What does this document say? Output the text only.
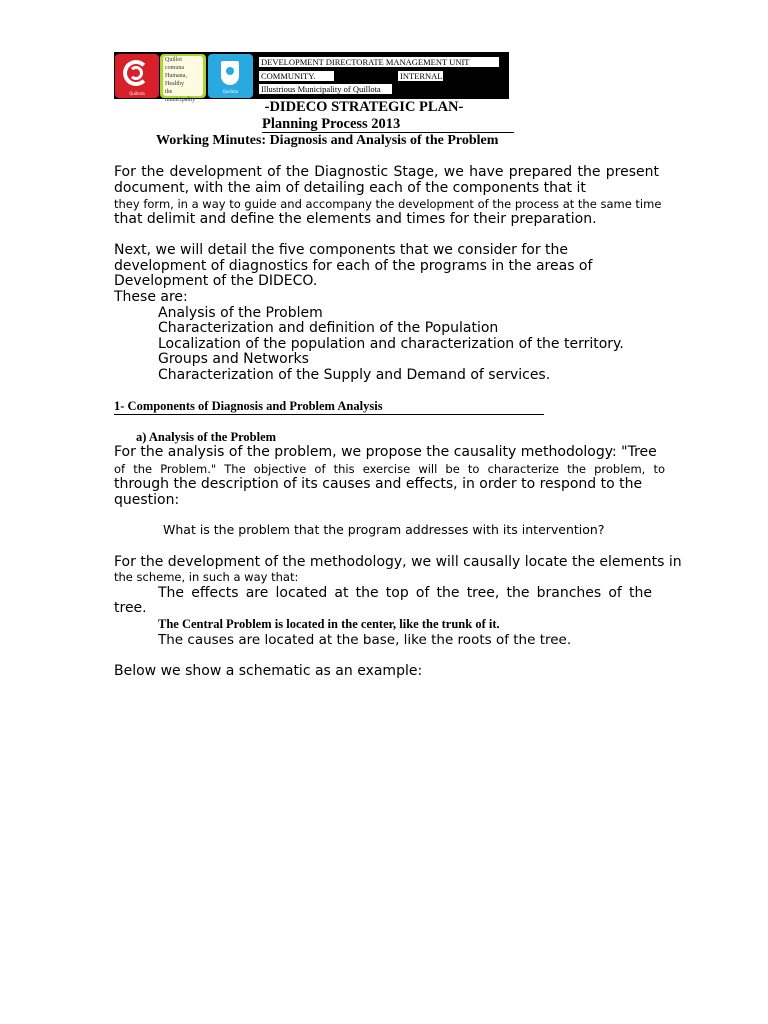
Quillota
Quillot
comuna
Humana,
Healthy
the municipality
Quillota
DEVELOPMENT DIRECTORATE MANAGEMENT UNIT
COMMUNITY.	INTERNAL
Illustrious Municipality of Quillota
-DIDECO STRATEGIC PLAN-
Planning Process 2013
Working Minutes: Diagnosis and Analysis of the Problem
For the development of the Diagnostic Stage, we have prepared the present
document, with the aim of detailing each of the components that it
they form, in a way to guide and accompany the development of the process at the same time
that delimit and define the elements and times for their preparation.
Next, we will detail the five components that we consider for the
development of diagnostics for each of the programs in the areas of
Development of the DIDECO.
These are:
Analysis of the Problem
Characterization and definition of the Population
Localization of the population and characterization of the territory.
Groups and Networks
Characterization of the Supply and Demand of services.
1- Components of Diagnosis and Problem Analysis
a) Analysis of the Problem
For the analysis of the problem, we propose the causality methodology: "Tree
of the Problem." The objective of this exercise will be to characterize the problem, to
through the description of its causes and effects, in order to respond to the
question:
What is the problem that the program addresses with its intervention?
For the development of the methodology, we will causally locate the elements in
the scheme, in such a way that:
The effects are located at the top of the tree, the branches of the
tree.
The Central Problem is located in the center, like the trunk of it.
The causes are located at the base, like the roots of the tree.
Below we show a schematic as an example:
